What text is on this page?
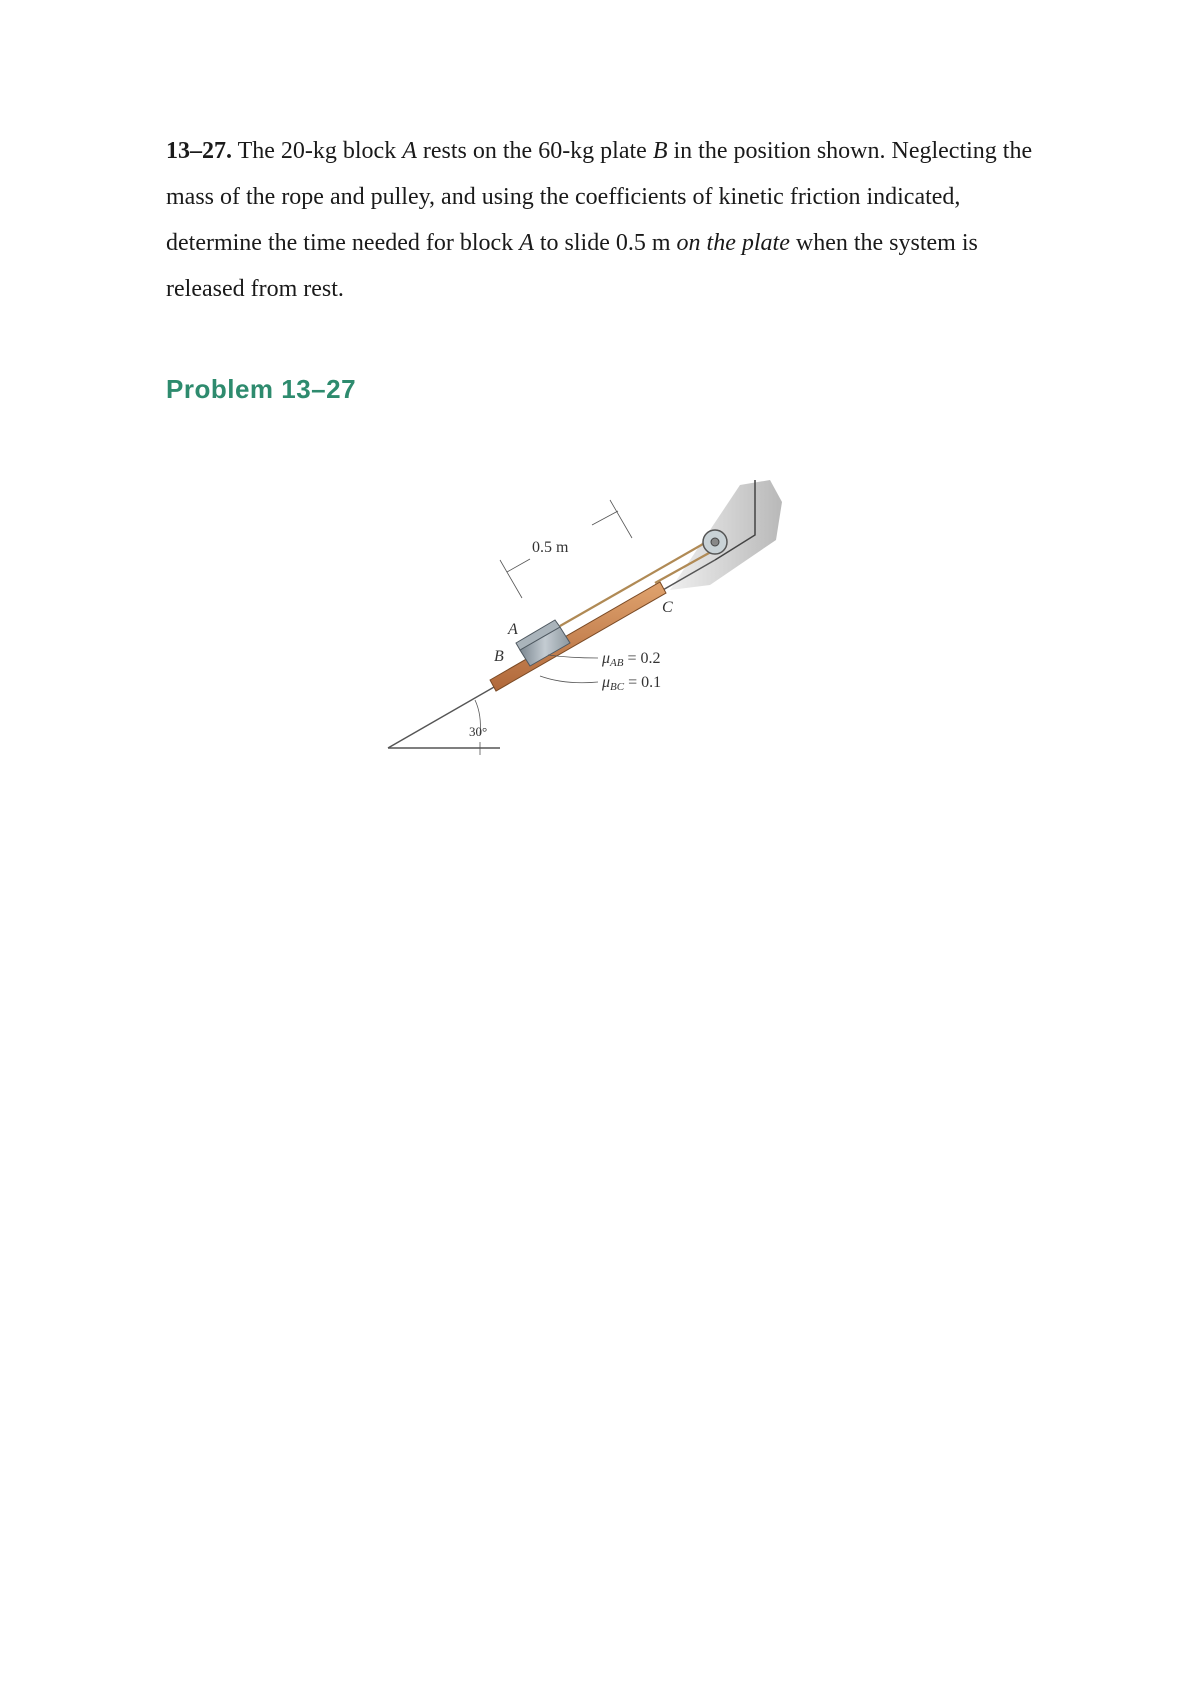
13–27. The 20-kg block A rests on the 60-kg plate B in the position shown. Neglecting the mass of the rope and pulley, and using the coefficients of kinetic friction indicated, determine the time needed for block A to slide 0.5 m on the plate when the system is released from rest.

Problem 13–27
0.5 m
A
B
C
μAB = 0.2
μBC = 0.1
30°
